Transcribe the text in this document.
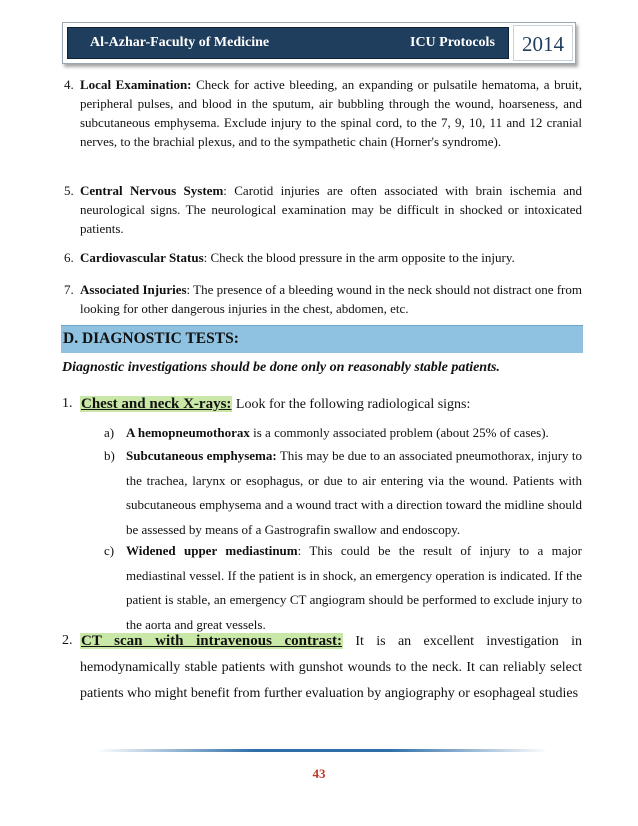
Al-Azhar-Faculty of Medicine	ICU Protocols	2014
4. Local Examination: Check for active bleeding, an expanding or pulsatile hematoma, a bruit, peripheral pulses, and blood in the sputum, air bubbling through the wound, hoarseness, and subcutaneous emphysema. Exclude injury to the spinal cord, to the 7, 9, 10, 11 and 12 cranial nerves, to the brachial plexus, and to the sympathetic chain (Horner's syndrome).
5. Central Nervous System: Carotid injuries are often associated with brain ischemia and neurological signs. The neurological examination may be difficult in shocked or intoxicated patients.
6. Cardiovascular Status: Check the blood pressure in the arm opposite to the injury.
7. Associated Injuries: The presence of a bleeding wound in the neck should not distract one from looking for other dangerous injuries in the chest, abdomen, etc.
D. DIAGNOSTIC TESTS:
Diagnostic investigations should be done only on reasonably stable patients.
1. Chest and neck X-rays: Look for the following radiological signs:
a) A hemopneumothorax is a commonly associated problem (about 25% of cases).
b) Subcutaneous emphysema: This may be due to an associated pneumothorax, injury to the trachea, larynx or esophagus, or due to air entering via the wound. Patients with subcutaneous emphysema and a wound tract with a direction toward the midline should be assessed by means of a Gastrografin swallow and endoscopy.
c) Widened upper mediastinum: This could be the result of injury to a major mediastinal vessel. If the patient is in shock, an emergency operation is indicated. If the patient is stable, an emergency CT angiogram should be performed to exclude injury to the aorta and great vessels.
2. CT scan with intravenous contrast: It is an excellent investigation in hemodynamically stable patients with gunshot wounds to the neck. It can reliably select patients who might benefit from further evaluation by angiography or esophageal studies
43
